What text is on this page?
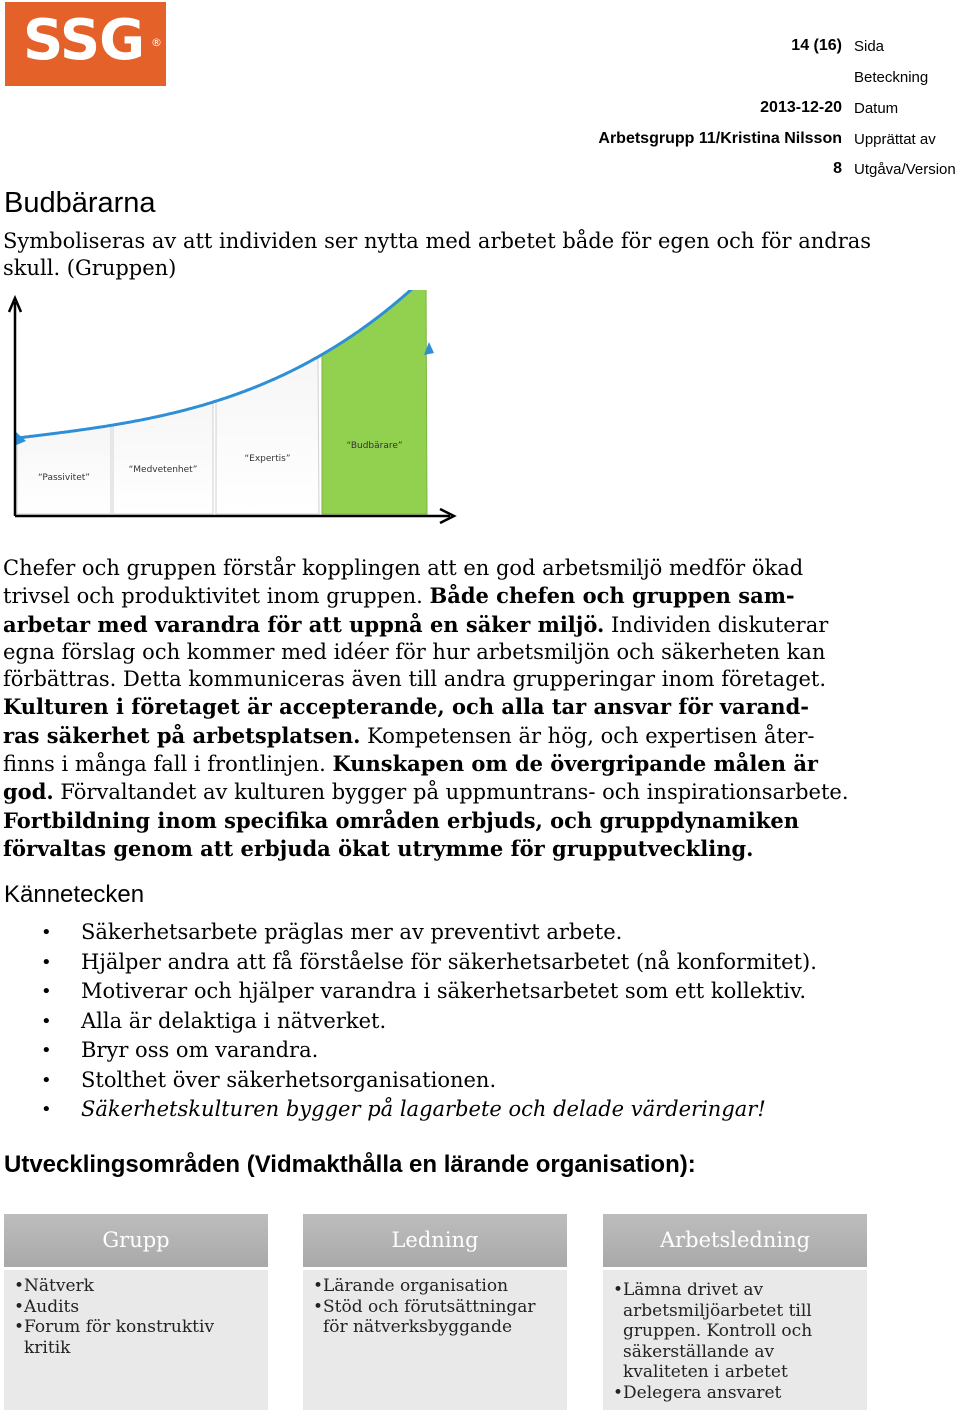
SSG ®	14 (16) Sida
Beteckning
2013-12-20 Datum
Arbetsgrupp 11/Kristina Nilsson Upprättat av
8 Utgåva/Version
Budbärarna

Symboliseras av att individen ser nytta med arbetet både för egen och för andras
skull. (Gruppen)

“Passivitet”
“Medvetenhet”
“Expertis”
“Budbärare”
Chefer och gruppen förstår kopplingen att en god arbetsmiljö medför ökad
trivsel och produktivitet inom gruppen. Både chefen och gruppen sam-
arbetar med varandra för att uppnå en säker miljö. Individen diskuterar
egna förslag och kommer med idéer för hur arbetsmiljön och säkerheten kan
förbättras. Detta kommuniceras även till andra grupperingar inom företaget.
Kulturen i företaget är accepterande, och alla tar ansvar för varand-
ras säkerhet på arbetsplatsen. Kompetensen är hög, och expertisen åter-
finns i många fall i frontlinjen. Kunskapen om de övergripande målen är
god. Förvaltandet av kulturen bygger på uppmuntrans- och inspirationsarbete.
Fortbildning inom specifika områden erbjuds, och gruppdynamiken
förvaltas genom att erbjuda ökat utrymme för grupputveckling.
Kännetecken
• Säkerhetsarbete präglas mer av preventivt arbete.
• Hjälper andra att få förståelse för säkerhetsarbetet (nå konformitet).
• Motiverar och hjälper varandra i säkerhetsarbetet som ett kollektiv.
• Alla är delaktiga i nätverket.
• Bryr oss om varandra.
• Stolthet över säkerhetsorganisationen.
• Säkerhetskulturen bygger på lagarbete och delade värderingar!
Utvecklingsområden (Vidmakthålla en lärande organisation):
Grupp
• Nätverk
• Audits
• Forum för konstruktiv kritik
Ledning
• Lärande organisation
• Stöd och förutsättningar för nätverksbyggande
Arbetsledning
• Lämna drivet av arbetsmiljöarbetet till gruppen. Kontroll och säkerställande av kvaliteten i arbetet
• Delegera ansvaret
